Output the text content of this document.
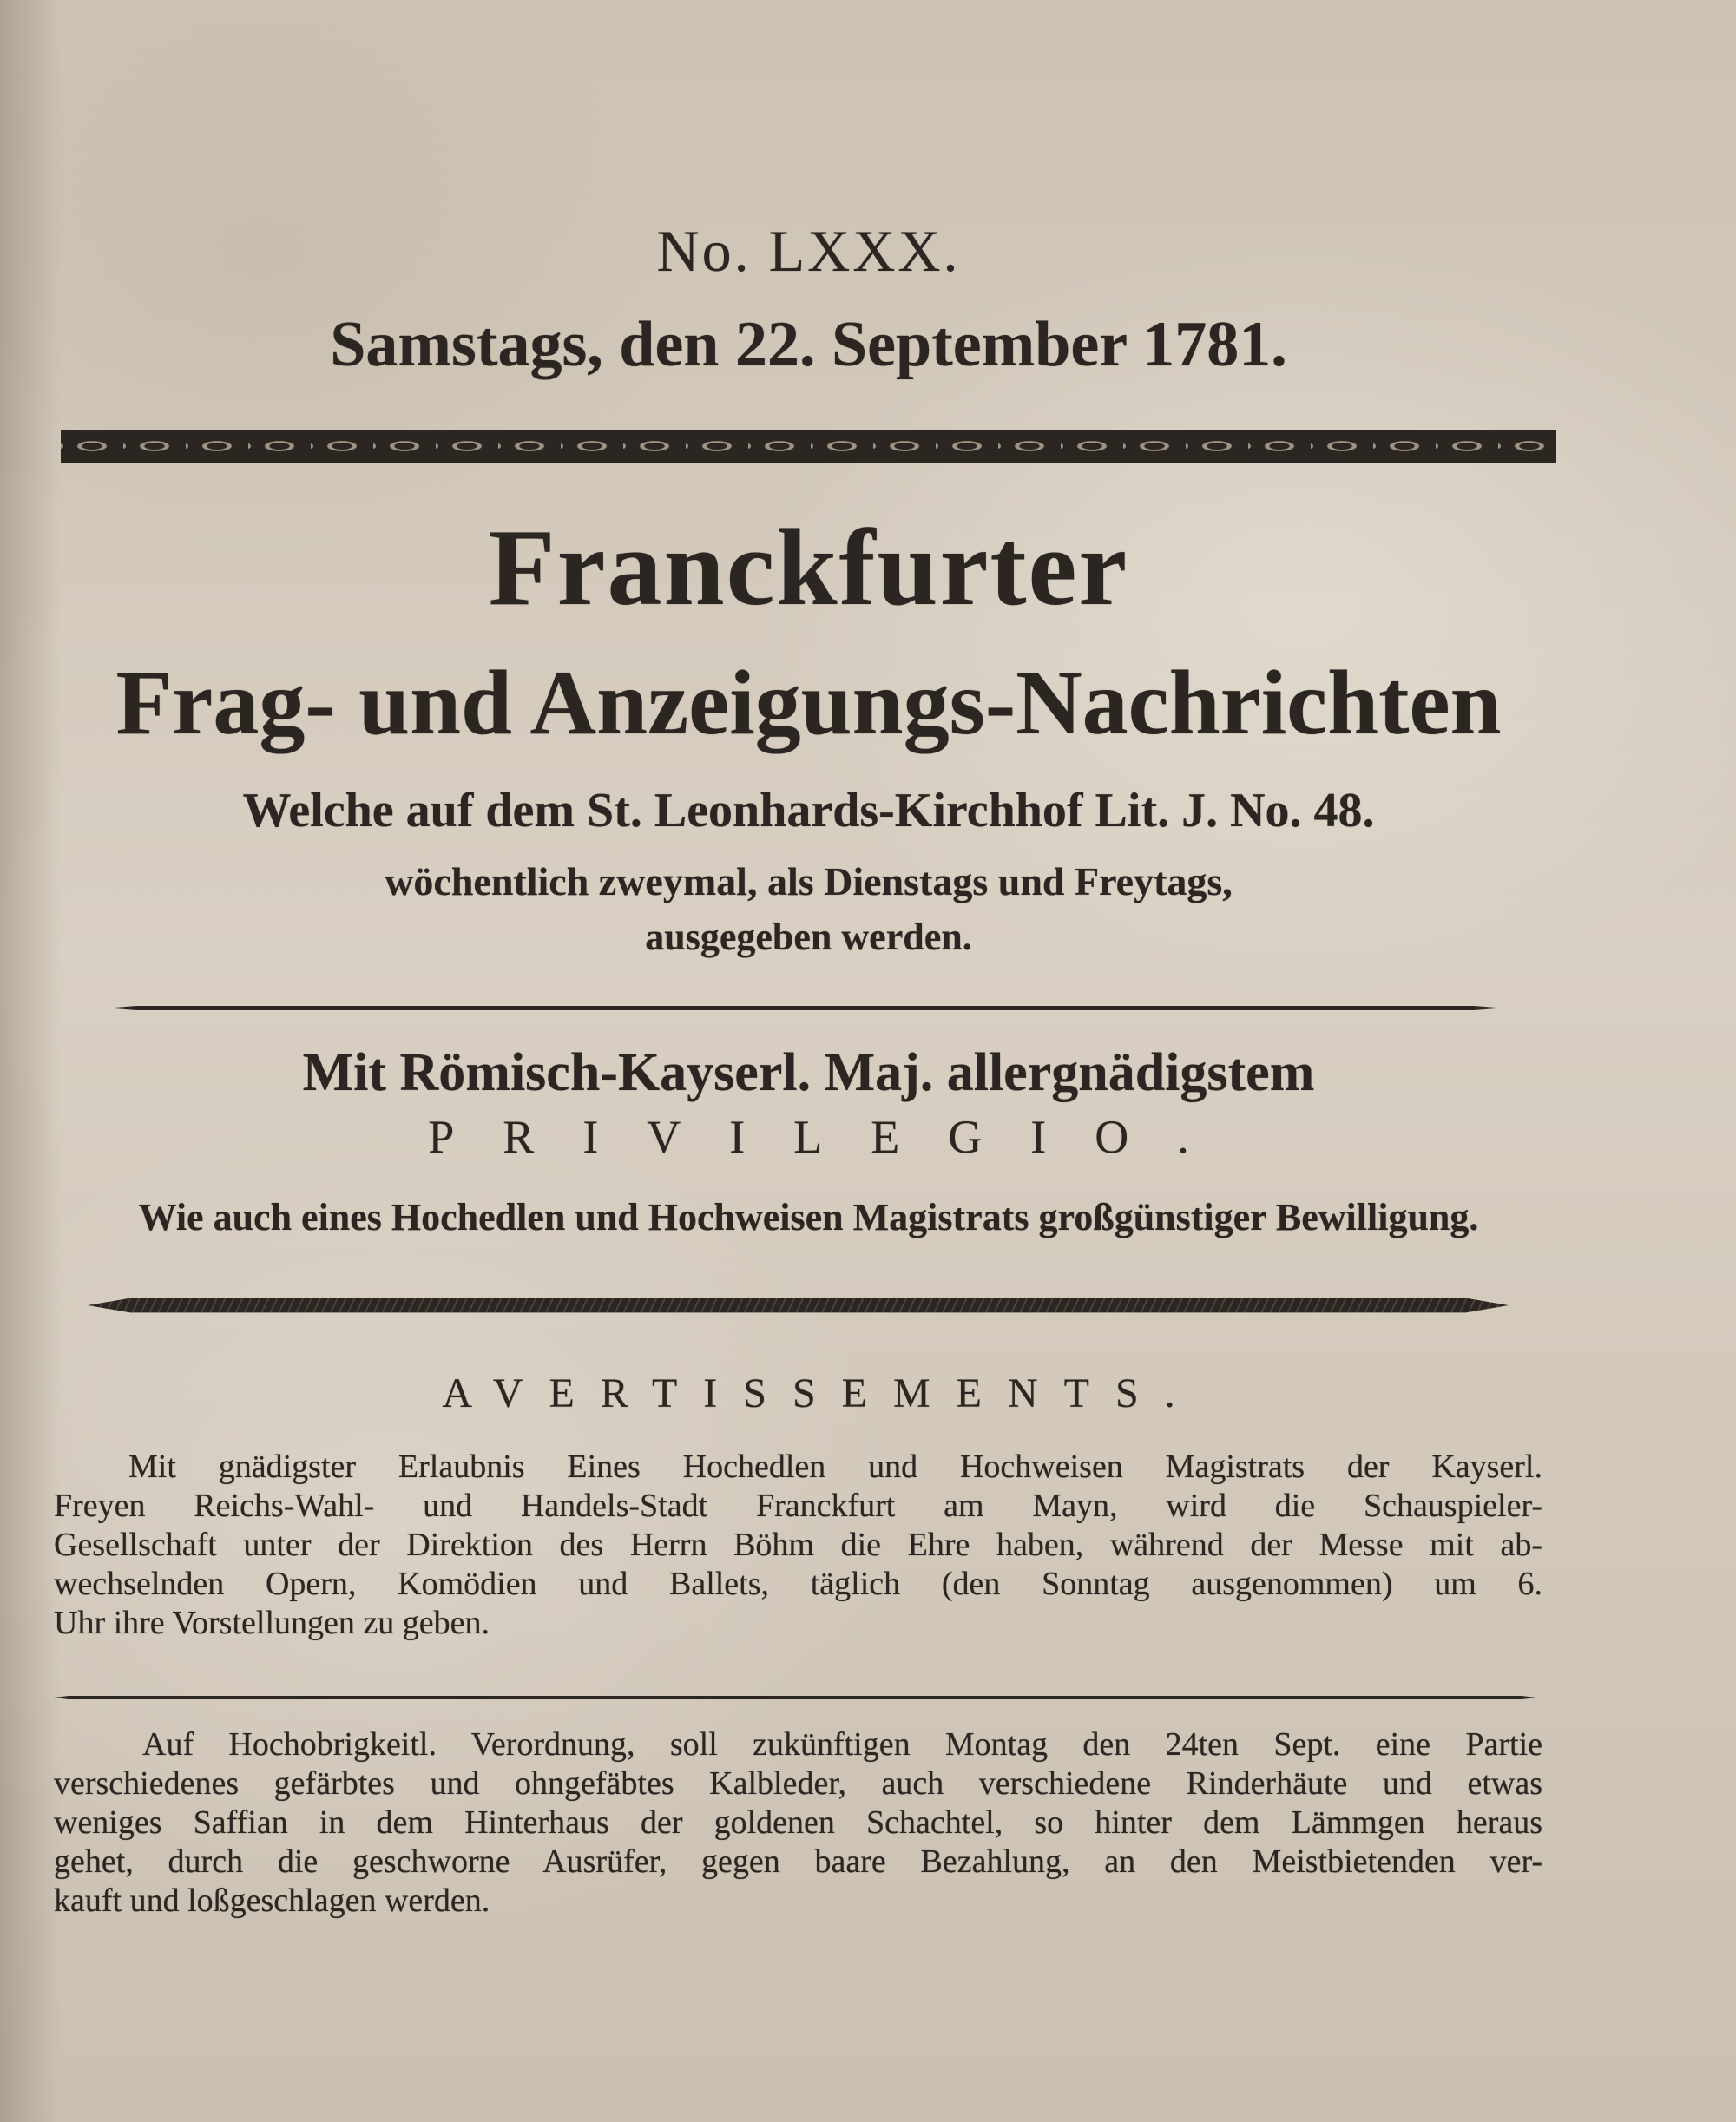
No. LXXX.
Samstags, den 22. September 1781.
Franckfurter
Frag- und Anzeigungs-Nachrichten
Welche auf dem St. Leonhards-Kirchhof Lit. J. No. 48.
wöchentlich zweymal, als Dienstags und Freytags,
ausgegeben werden.
Mit Römisch-Kayserl. Maj. allergnädigstem
PRIVILEGIO.
Wie auch eines Hochedlen und Hochweisen Magistrats großgünstiger Bewilligung.
AVERTISSEMENTS.
Mit gnädigster Erlaubnis Eines Hochedlen und Hochweisen Magistrats der Kayserl.
Freyen Reichs-Wahl- und Handels-Stadt Franckfurt am Mayn, wird die Schauspieler-
Gesellschaft unter der Direktion des Herrn Böhm die Ehre haben, während der Messe mit ab-
wechselnden Opern, Komödien und Ballets, täglich (den Sonntag ausgenommen) um 6.
Uhr ihre Vorstellungen zu geben.
Auf Hochobrigkeitl. Verordnung, soll zukünftigen Montag den 24ten Sept. eine Partie
verschiedenes gefärbtes und ohngefäbtes Kalbleder, auch verschiedene Rinderhäute und etwas
weniges Saffian in dem Hinterhaus der goldenen Schachtel, so hinter dem Lämmgen heraus
gehet, durch die geschworne Ausrüfer, gegen baare Bezahlung, an den Meistbietenden ver-
kauft und loßgeschlagen werden.
